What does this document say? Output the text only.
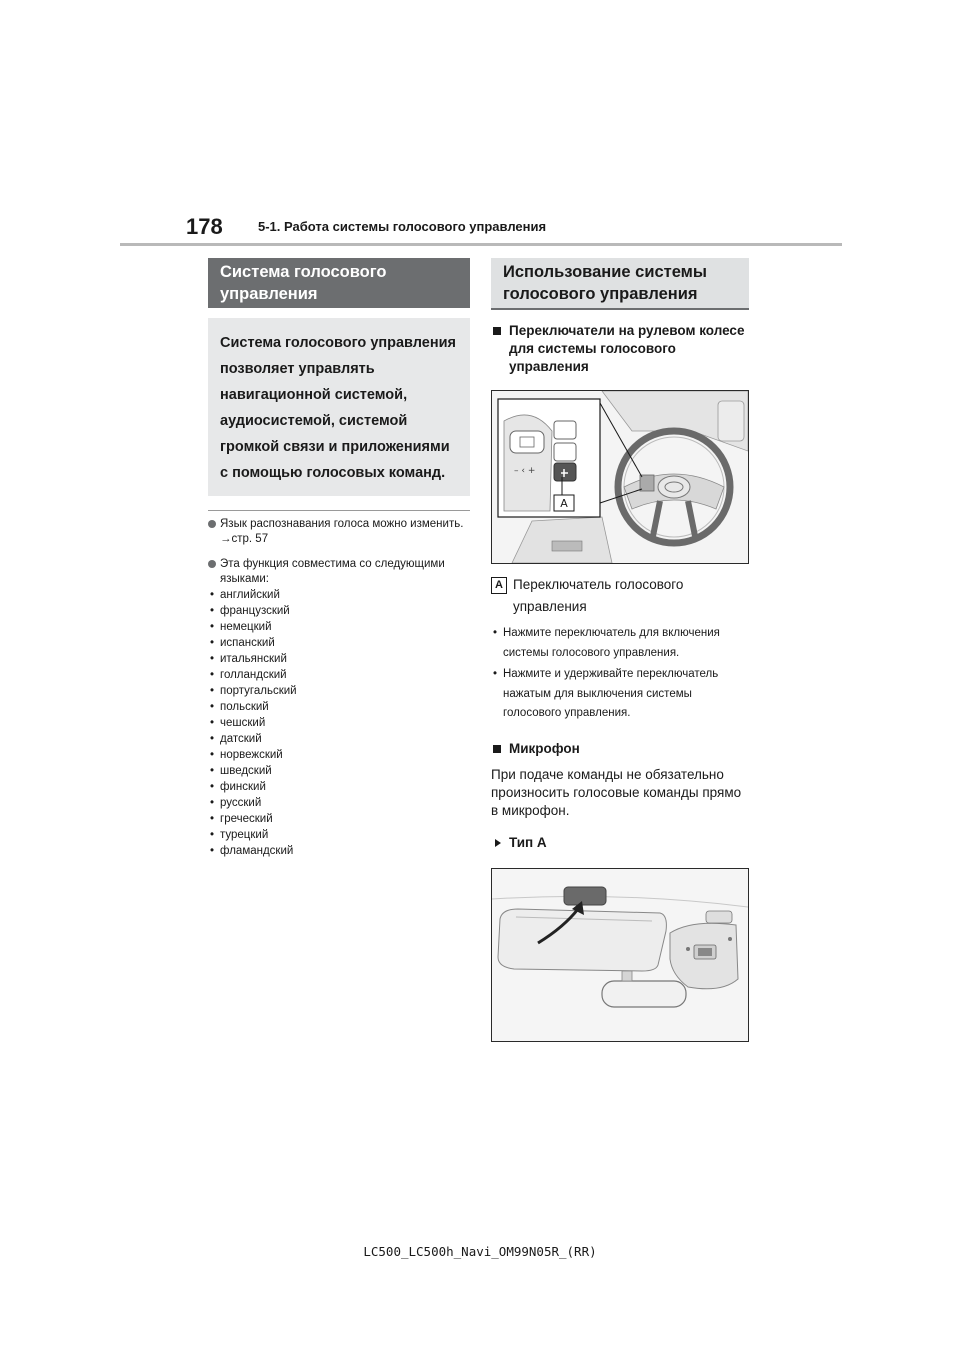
178	5-1. Работа системы голосового управления
Система голосового управления
Система голосового управления позволяет управлять навигационной системой, аудиосистемой, системой громкой связи и приложениями с помощью голосовых команд.
Язык распознавания голоса можно изменить. →стр. 57
Эта функция совместима со следующими языками:
• английский
• французский
• немецкий
• испанский
• итальянский
• голландский
• португальский
• польский
• чешский
• датский
• норвежский
• шведский
• финский
• русский
• греческий
• турецкий
• фламандский
Использование системы голосового управления
Переключатели на рулевом колесе для системы голосового управления
– ‹ +
A
A Переключатель голосового управления
• Нажмите переключатель для включения системы голосового управления.
• Нажмите и удерживайте переключатель нажатым для выключения системы голосового управления.
Микрофон
При подаче команды не обязательно произносить голосовые команды прямо в микрофон.
Тип А
LC500_LC500h_Navi_OM99N05R_(RR)
